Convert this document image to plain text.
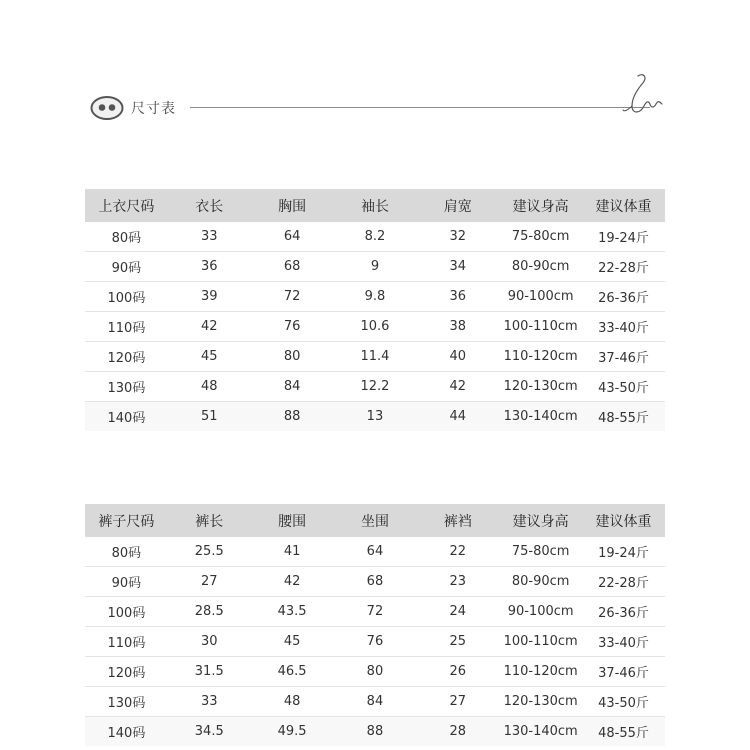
尺寸表
上衣尺码	衣长	胸围	袖长	肩宽	建议身高	建议体重
80码	33	64	8.2	32	75-80cm	19-24斤
90码	36	68	9	34	80-90cm	22-28斤
100码	39	72	9.8	36	90-100cm	26-36斤
110码	42	76	10.6	38	100-110cm	33-40斤
120码	45	80	11.4	40	110-120cm	37-46斤
130码	48	84	12.2	42	120-130cm	43-50斤
140码	51	88	13	44	130-140cm	48-55斤
裤子尺码	裤长	腰围	坐围	裤裆	建议身高	建议体重
80码	25.5	41	64	22	75-80cm	19-24斤
90码	27	42	68	23	80-90cm	22-28斤
100码	28.5	43.5	72	24	90-100cm	26-36斤
110码	30	45	76	25	100-110cm	33-40斤
120码	31.5	46.5	80	26	110-120cm	37-46斤
130码	33	48	84	27	120-130cm	43-50斤
140码	34.5	49.5	88	28	130-140cm	48-55斤
